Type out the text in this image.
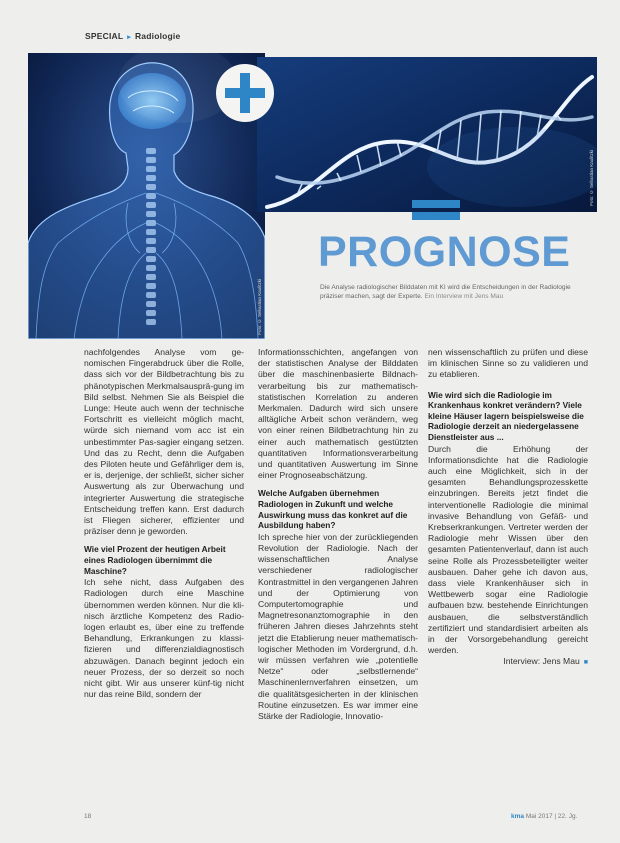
SPECIAL ▸ Radiologie
Foto: © Sebastian Kaulitzki
Foto: © Sebastian Kaulitzki
PROGNOSE
Die Analyse radiologischer Bilddaten mit KI wird die Entscheidungen in der Radiologie präziser machen, sagt der Experte. Ein Interview mit Jens Mau

nachfolgendes Analyse vom ge-nomischen Fingerabdruck über die Rolle, dass sich vor der Bildbetrachtung bis zu phänotypischen Merkmalsausprä-gung im Bild selbst. Nehmen Sie als Beispiel die Lunge: Heute auch wenn der technische Fortschritt es vielleicht möglich macht, würde sich niemand vom acc ist ein unbestimmter Pas-sagier eingang setzen. Und das zu Recht, denn die Aufgaben des Piloten heute und Gefährliger dem is, er is, derjenige, der schließt, sicher sicher Auswertung als zur Überwachung und integrierter Auswertung die strategische Entscheidung treffen kann. Erst dadurch ist Fliegen sicherer, effizienter und präziser denn je geworden.

Wie viel Prozent der heutigen Arbeit eines Radiologen übernimmt die Maschine?

Ich sehe nicht, dass Aufgaben des Radiologen durch eine Maschine übernommen werden können. Nur die kli-nisch ärztliche Kompetenz des Radio-logen erlaubt es, über eine zu treffende Behandlung, Erkrankungen zu klassi-fizieren und differenzialdiagnostisch abzuwägen. Danach beginnt jedoch ein neuer Prozess, der so derzeit so noch nicht gibt. Wir aus unserer künf-tig nicht nur das reine Bild, sondern der

Informationsschichten, angefangen von der statistischen Analyse der Bilddaten über die maschinenbasierte Bildnach-verarbeitung bis zur mathematisch-statistischen Korrelation zu anderen Merkmalen. Dadurch wird sich unsere alltägliche Arbeit schon verändern, weg von einer reinen Bildbetrachtung hin zu einer auch mathematisch gestützten quantitativen Informationsverarbeitung und quantitativen Auswertung im Sinne einer Prognoseabschätzung.

Welche Aufgaben übernehmen Radiologen in Zukunft und welche Auswirkung muss das konkret auf die Ausbildung haben?

Ich spreche hier von der zurückliegenden Revolution der Radiologie. Nach der wissenschaftlichen Analyse verschiedener radiologischer Kontrastmittel in den vergangenen Jahren und der Optimierung von Computertomographie und Magnetresonanztomographie in den früheren Jahren dieses Jahrzehnts steht jetzt die Etablierung neuer mathematisch-logischer Methoden im Vordergrund, d.h. wir müssen verfahren wie „potentielle Netze“ oder „selbstlernende“ Maschinenlernverfahren einsetzen, um die qualitätsgesicherten in der klinischen Routine einzusetzen. Es war immer eine Stärke der Radiologie, Innovatio-

nen wissenschaftlich zu prüfen und diese im klinischen Sinne so zu validieren und zu etablieren.

Wie wird sich die Radiologie im Krankenhaus konkret verändern? Viele kleine Häuser lagern beispielsweise die Radiologie derzeit an niedergelassene Dienstleister aus ...

Durch die Erhöhung der Informationsdichte hat die Radiologie auch eine Möglichkeit, sich in der gesamten Behandlungsprozesskette einzubringen. Bereits jetzt findet die interventionelle Radiologie die minimal invasive Behandlung von Gefäß- und Krebserkrankungen. Vertreter werden der Radiologie mehr Wissen über den gesamten Patientenverlauf, dann ist auch seine Rolle als Prozessbeteiligter weiter ausbauen. Daher gehe ich davon aus, dass viele Krankenhäuser sich in Wettbewerb sogar eine Radiologie aufbauen bzw. bestehende Einrichtungen ausbauen, die selbstverständlich zertifiziert und standardisiert arbeiten als in der Vorsorgebehandlung gereicht werden.

Interview: Jens Mau ■

18	kma Mai 2017 | 22. Jg.
